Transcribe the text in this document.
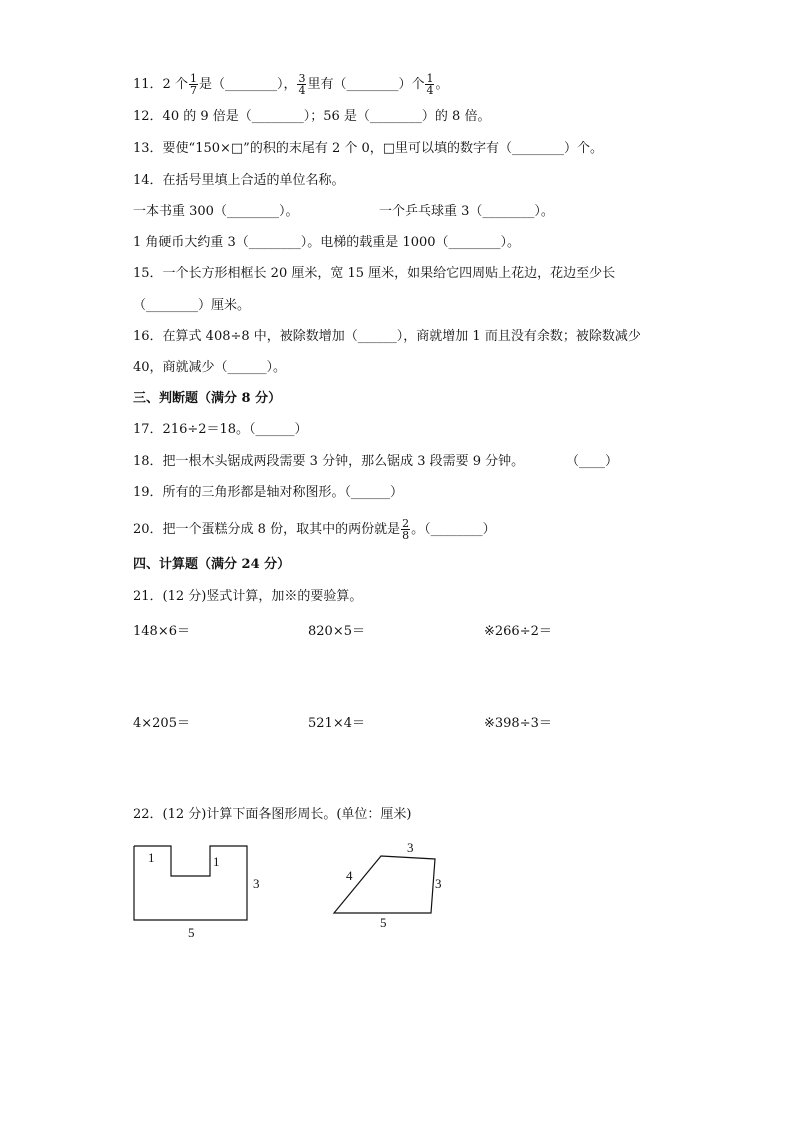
11．2 个 $\frac{1}{7}$ 是（________）， $\frac{3}{4}$ 里有（________）个 $\frac{1}{4}$ 。
12．40 的 9 倍是（________）；56 是（________）的 8 倍。
13．要使“150×□”的积的末尾有 2 个 0，□里可以填的数字有（________）个。
14．在括号里填上合适的单位名称。
一本书重 300（________）。	一个乒乓球重 3（________）。
1 角硬币大约重 3（________）。电梯的载重是 1000（________）。
15．一个长方形相框长 20 厘米，宽 15 厘米，如果给它四周贴上花边，花边至少长
（________）厘米。
16．在算式 408÷8 中，被除数增加（______），商就增加 1 而且没有余数；被除数减少
40，商就减少（______）。
三、判断题（满分 8 分）
17．216÷2＝18。（______）
18．把一根木头锯成两段需要 3 分钟，那么锯成 3 段需要 9 分钟。	（____）
19．所有的三角形都是轴对称图形。（______）
20．把一个蛋糕分成 8 份，取其中的两份就是 $\frac{2}{8}$ 。（________）
四、计算题（满分 24 分）
21．(12 分)竖式计算，加※的要验算。
148×6＝	820×5＝	※266÷2＝
4×205＝	521×4＝	※398÷3＝
22．(12 分)计算下面各图形周长。(单位：厘米)
1	1
3
5
3
4
3
5
